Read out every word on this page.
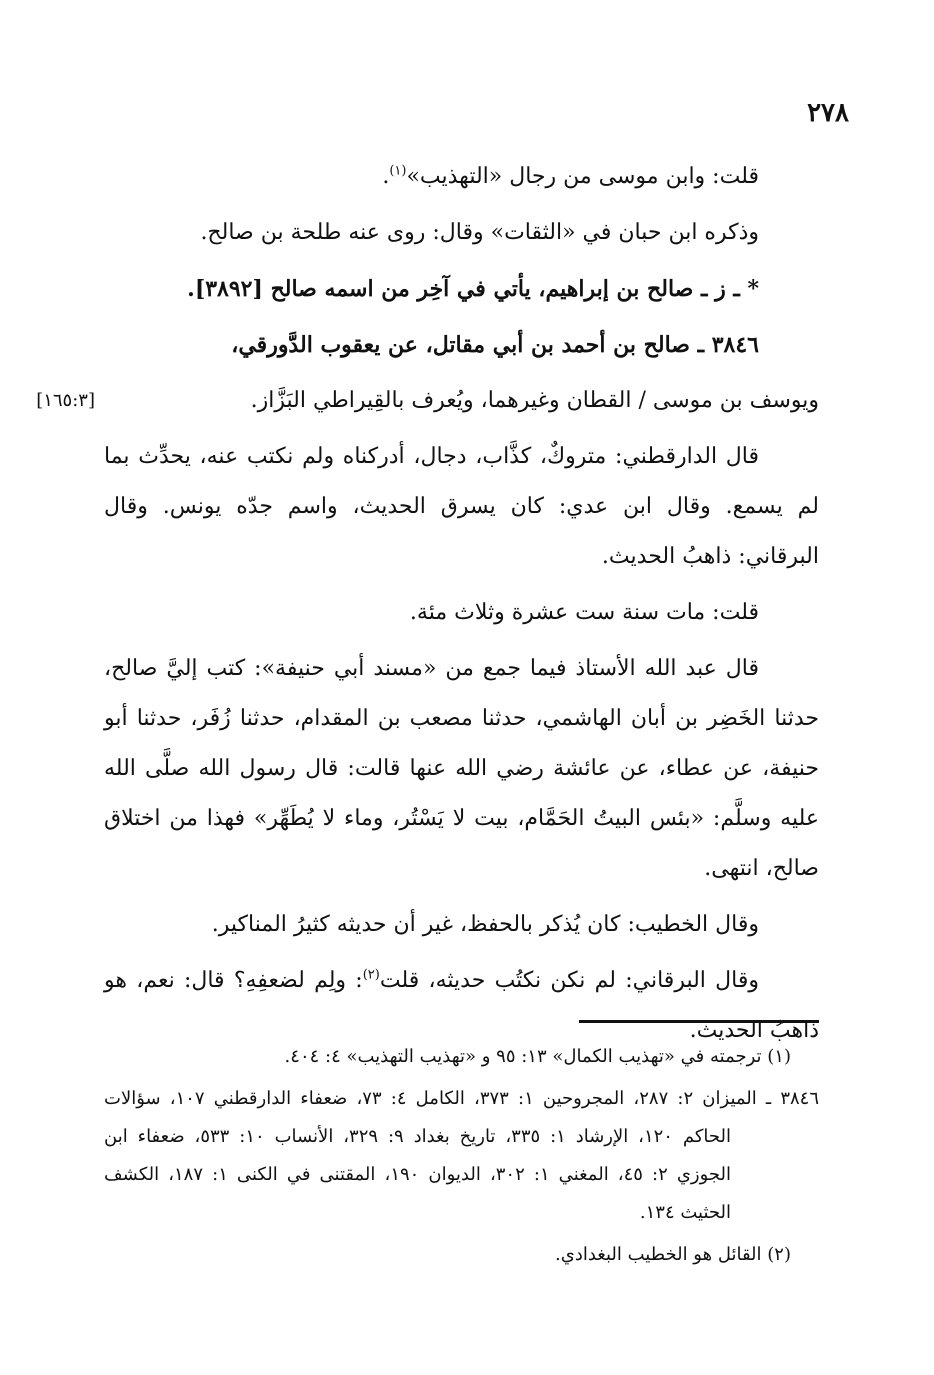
٢٧٨

قلت: وابن موسى من رجال «التهذيب»$^{(١)}$.

وذكره ابن حبان في «الثقات» وقال: روى عنه طلحة بن صالح.

* ـ ز ـ صالح بن إبراهيم، يأتي في آخِر من اسمه صالح [٣٨٩٢].

٣٨٤٦ ـ صالح بن أحمد بن أبي مقاتل، عن يعقوب الدَّورقي،

ويوسف بن موسى / القطان وغيرهما، ويُعرف بالقِيراطي البَزَّاز.
[١٦٥:٣]

قال الدارقطني: متروكٌ، كذَّاب، دجال، أدركناه ولم نكتب عنه، يحدِّث بما لم يسمع. وقال ابن عدي: كان يسرق الحديث، واسم جدّه يونس. وقال البرقاني: ذاهبُ الحديث.

قلت: مات سنة ست عشرة وثلاث مئة.

قال عبد الله الأستاذ فيما جمع من «مسند أبي حنيفة»: كتب إليَّ صالح، حدثنا الخَضِر بن أبان الهاشمي، حدثنا مصعب بن المقدام، حدثنا زُفَر، حدثنا أبو حنيفة، عن عطاء، عن عائشة رضي الله عنها قالت: قال رسول الله صلَّى الله عليه وسلَّم: «بئس البيتُ الحَمَّام، بيت لا يَسْتُر، وماء لا يُطَهِّر» فهذا من اختلاق صالح، انتهى.

وقال الخطيب: كان يُذكر بالحفظ، غير أن حديثه كثيرُ المناكير.

وقال البرقاني: لم نكن نكتُب حديثه، قلت$^{(٢)}$: ولِم لضعفِهِ؟ قال: نعم، هو ذاهبُ الحديث.

(١) ترجمته في «تهذيب الكمال» ١٣: ٩٥ و «تهذيب التهذيب» ٤: ٤٠٤.

٣٨٤٦ ـ الميزان ٢: ٢٨٧، المجروحين ١: ٣٧٣، الكامل ٤: ٧٣، ضعفاء الدارقطني ١٠٧، سؤالات الحاكم ١٢٠، الإرشاد ١: ٣٣٥، تاريخ بغداد ٩: ٣٢٩، الأنساب ١٠: ٥٣٣، ضعفاء ابن الجوزي ٢: ٤٥، المغني ١: ٣٠٢، الديوان ١٩٠، المقتنى في الكنى ١: ١٨٧، الكشف الحثيث ١٣٤.

(٢) القائل هو الخطيب البغدادي.
